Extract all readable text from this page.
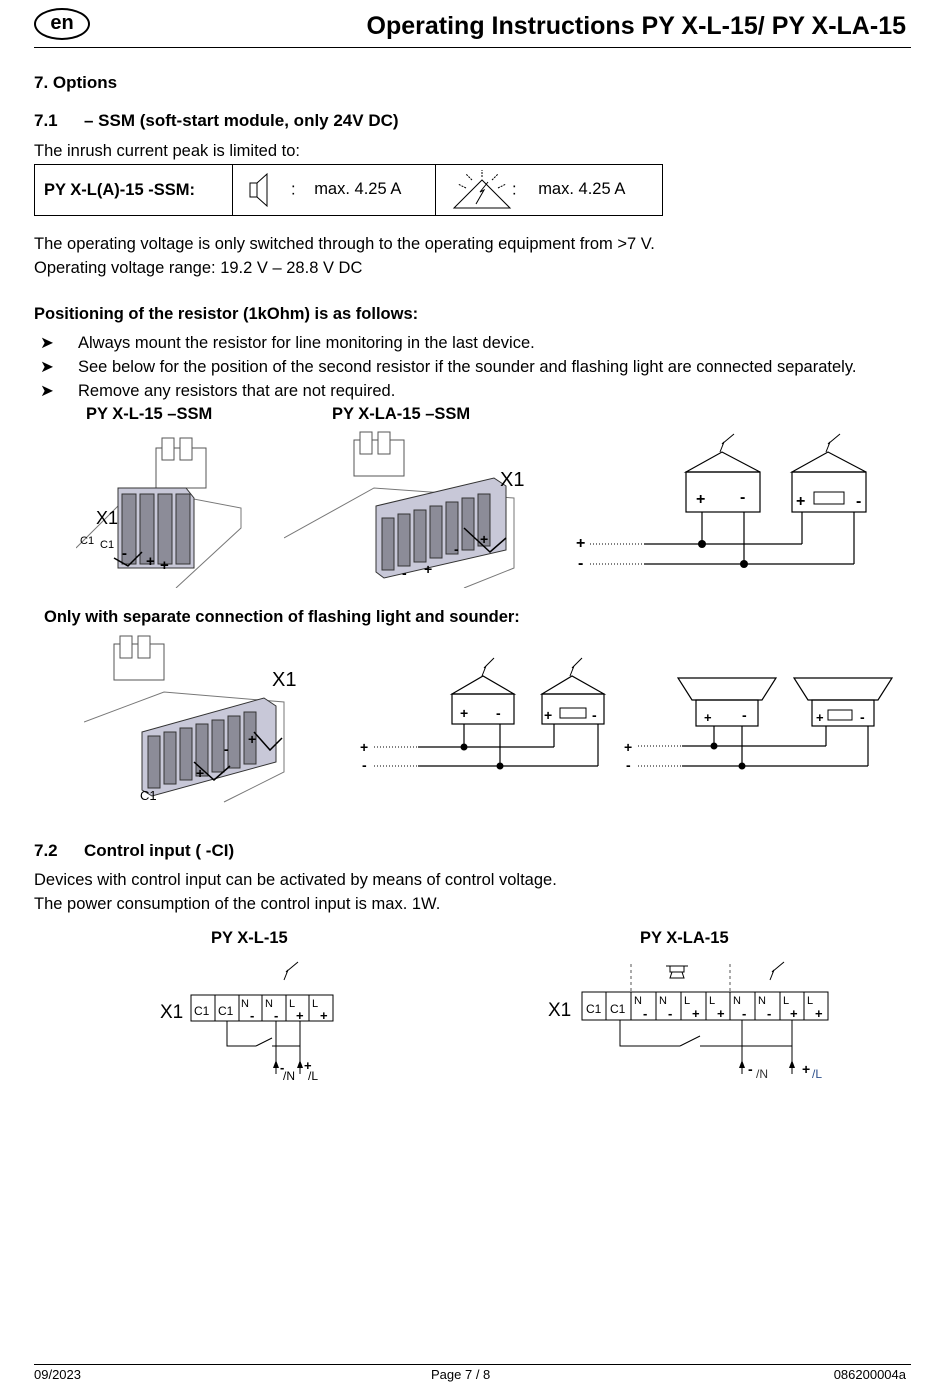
en	Operating Instructions PY X-L-15/ PY X-LA-15
7. Options
7.1 – SSM (soft-start module, only 24V DC)
The inrush current peak is limited to:
PY X-L(A)-15 -SSM:	: max. 4.25 A	: max. 4.25 A
The operating voltage is only switched through to the operating equipment from >7 V.
Operating voltage range: 19.2 V – 28.8 V DC
Positioning of the resistor (1kOhm) is as follows:
➤ Always mount the resistor for line monitoring in the last device.
➤ See below for the position of the second resistor if the sounder and flashing light are connected separately.
➤ Remove any resistors that are not required.
PY X-L-15 –SSM	PY X-LA-15 –SSM
X1
C1 C1 - + +
X1
- +
-
+
+ -	+	-
+
-
Only with separate connection of flashing light and sounder:
X1
C1
+
-
+
+ -	+	-
+
-
+ -	+	-
+
-
7.2 Control input ( -CI)
Devices with control input can be activated by means of control voltage.
The power consumption of the control input is max. 1W.
PY X-L-15	PY X-LA-15
X1 C1 C1 N
-
N
-
L
+
L
+
-
/N
+
/L
X1 C1 C1
N
-
N
-
L
+
L
+
N
-
N
-
L
+
L
+
- /N + /L
09/2023	Page 7 / 8	086200004a
